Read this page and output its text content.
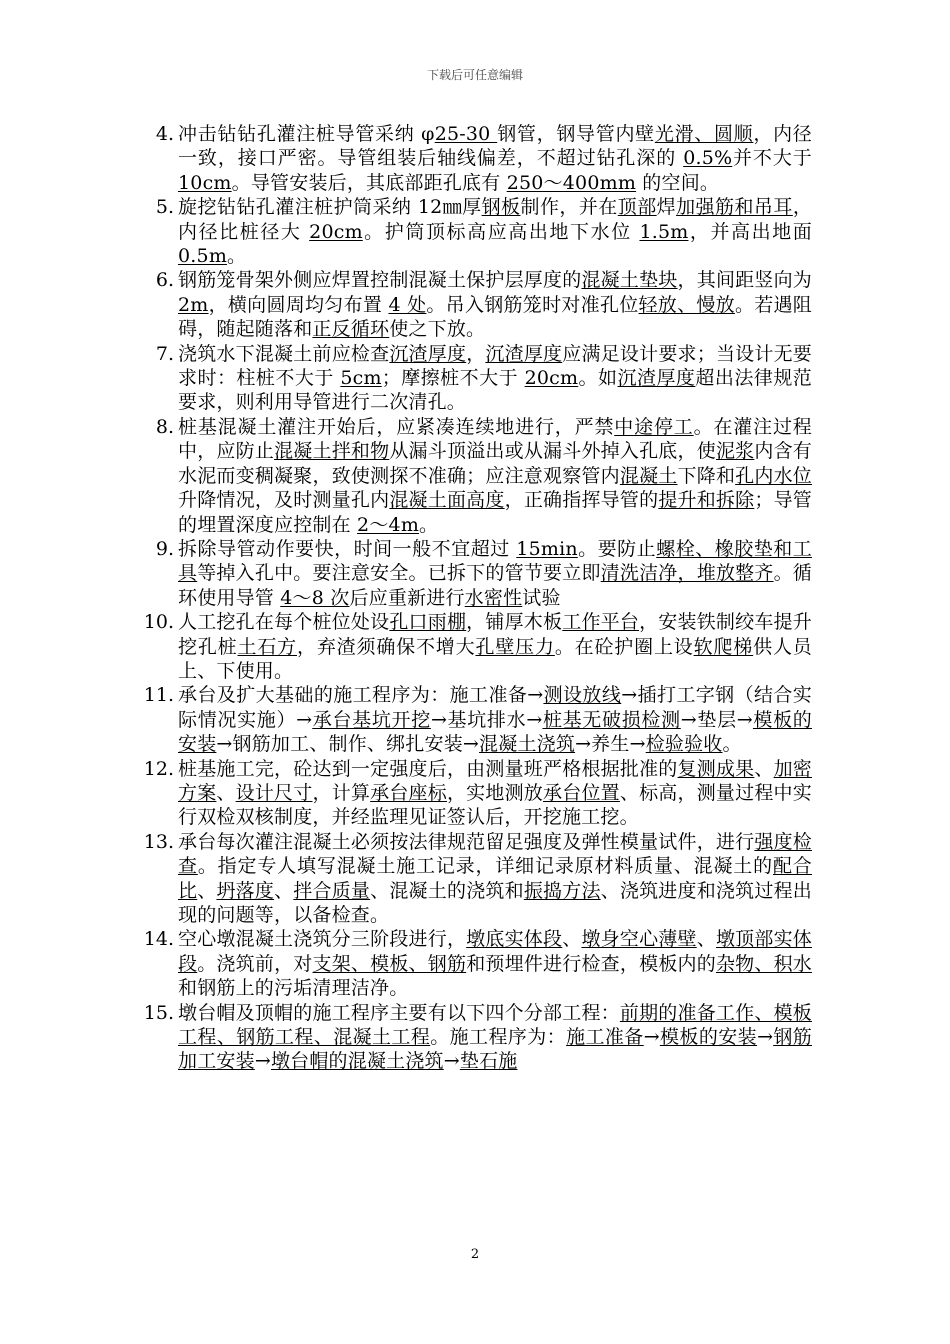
下载后可任意编辑
4. 冲击钻钻孔灌注桩导管采纳 φ25-30 钢管，钢导管内壁光滑、圆顺，内径一致，接口严密。导管组装后轴线偏差，不超过钻孔深的 0.5%并不大于 10cm。导管安装后，其底部距孔底有 250～400mm 的空间。
5. 旋挖钻钻孔灌注桩护筒采纳 12㎜厚钢板制作，并在顶部焊加强筋和吊耳，内径比桩径大 20cm。护筒顶标高应高出地下水位 1.5m，并高出地面 0.5m。
6. 钢筋笼骨架外侧应焊置控制混凝土保护层厚度的混凝土垫块，其间距竖向为 2m，横向圆周均匀布置 4 处。吊入钢筋笼时对准孔位轻放、慢放。若遇阻碍，随起随落和正反循环使之下放。
7. 浇筑水下混凝土前应检查沉渣厚度，沉渣厚度应满足设计要求；当设计无要求时：柱桩不大于 5cm；摩擦桩不大于 20cm。如沉渣厚度超出法律规范要求，则利用导管进行二次清孔。
8. 桩基混凝土灌注开始后，应紧凑连续地进行，严禁中途停工。在灌注过程中，应防止混凝土拌和物从漏斗顶溢出或从漏斗外掉入孔底，使泥浆内含有水泥而变稠凝聚，致使测探不准确；应注意观察管内混凝土下降和孔内水位升降情况，及时测量孔内混凝土面高度，正确指挥导管的提升和拆除；导管的埋置深度应控制在 2～4m。
9. 拆除导管动作要快，时间一般不宜超过 15min。要防止螺栓、橡胶垫和工具等掉入孔中。要注意安全。已拆下的管节要立即清洗洁净，堆放整齐。循环使用导管 4～8 次后应重新进行水密性试验
10. 人工挖孔在每个桩位处设孔口雨棚，铺厚木板工作平台，安装铁制绞车提升挖孔桩土石方，弃渣须确保不增大孔壁压力。在砼护圈上设软爬梯供人员上、下使用。
11. 承台及扩大基础的施工程序为：施工准备→测设放线→插打工字钢（结合实际情况实施）→承台基坑开挖→基坑排水→桩基无破损检测→垫层→模板的安装→钢筋加工、制作、绑扎安装→混凝土浇筑→养生→检验验收。
12. 桩基施工完，砼达到一定强度后，由测量班严格根据批准的复测成果、加密方案、设计尺寸，计算承台座标，实地测放承台位置、标高，测量过程中实行双检双核制度，并经监理见证签认后，开挖施工挖。
13. 承台每次灌注混凝土必须按法律规范留足强度及弹性模量试件，进行强度检查。指定专人填写混凝土施工记录，详细记录原材料质量、混凝土的配合比、坍落度、拌合质量、混凝土的浇筑和振捣方法、浇筑进度和浇筑过程出现的问题等，以备检查。
14. 空心墩混凝土浇筑分三阶段进行，墩底实体段、墩身空心薄壁、墩顶部实体段。浇筑前，对支架、模板、钢筋和预埋件进行检查，模板内的杂物、积水和钢筋上的污垢清理洁净。
15. 墩台帽及顶帽的施工程序主要有以下四个分部工程：前期的准备工作、模板工程、钢筋工程、混凝土工程。施工程序为：施工准备→模板的安装→钢筋加工安装→墩台帽的混凝土浇筑→垫石施
2
